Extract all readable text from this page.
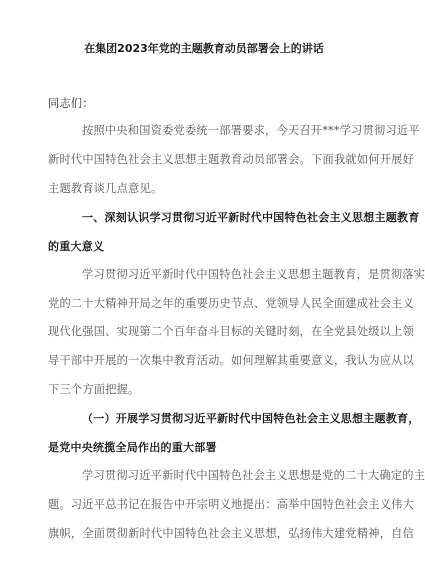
在集团2023年党的主题教育动员部署会上的讲话
同志们：
按照中央和国资委党委统一部署要求，今天召开***学习贯彻习近平
新时代中国特色社会主义思想主题教育动员部署会。下面我就如何开展好
主题教育谈几点意见。
一、深刻认识学习贯彻习近平新时代中国特色社会主义思想主题教育
的重大意义
学习贯彻习近平新时代中国特色社会主义思想主题教育，是贯彻落实
党的二十大精神开局之年的重要历史节点、党领导人民全面建成社会主义
现代化强国、实现第二个百年奋斗目标的关键时刻，在全党县处级以上领
导干部中开展的一次集中教育活动。如何理解其重要意义，我认为应从以
下三个方面把握。
（一）开展学习贯彻习近平新时代中国特色社会主义思想主题教育，
是党中央统揽全局作出的重大部署
学习贯彻习近平新时代中国特色社会主义思想是党的二十大确定的主
题。习近平总书记在报告中开宗明义地提出：高举中国特色社会主义伟大
旗帜，全面贯彻新时代中国特色社会主义思想，弘扬伟大建党精神，自信
